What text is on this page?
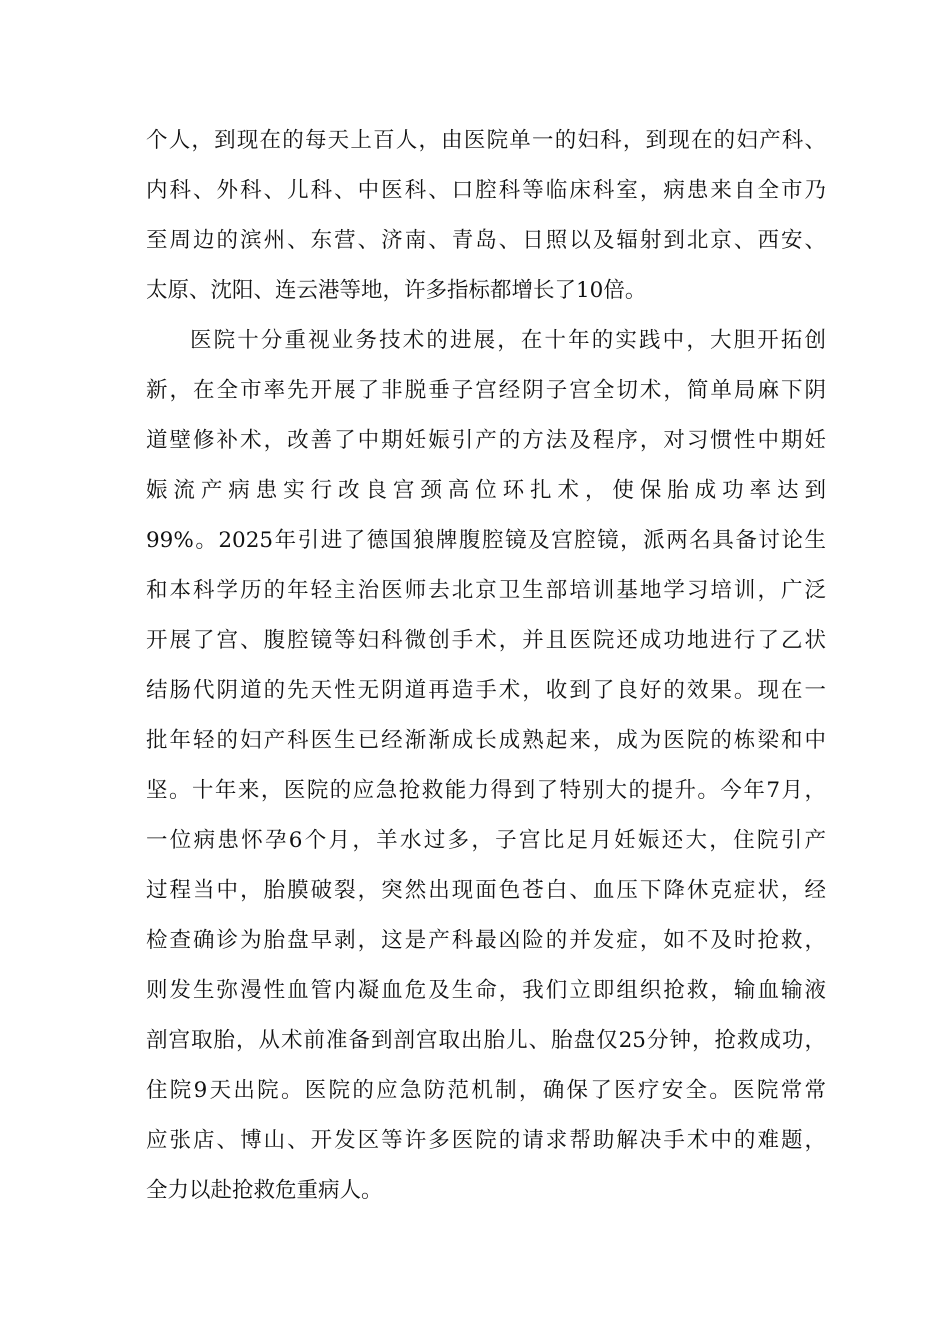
个人，到现在的每天上百人，由医院单一的妇科，到现在的妇产科、
内科、外科、儿科、中医科、口腔科等临床科室，病患来自全市乃
至周边的滨州、东营、济南、青岛、日照以及辐射到北京、西安、
太原、沈阳、连云港等地，许多指标都增长了10倍。
医院十分重视业务技术的进展，在十年的实践中，大胆开拓创
新，在全市率先开展了非脱垂子宫经阴子宫全切术，简单局麻下阴
道壁修补术，改善了中期妊娠引产的方法及程序，对习惯性中期妊
娠流产病患实行改良宫颈高位环扎术，使保胎成功率达到
99%。2025年引进了德国狼牌腹腔镜及宫腔镜，派两名具备讨论生
和本科学历的年轻主治医师去北京卫生部培训基地学习培训，广泛
开展了宫、腹腔镜等妇科微创手术，并且医院还成功地进行了乙状
结肠代阴道的先天性无阴道再造手术，收到了良好的效果。现在一
批年轻的妇产科医生已经渐渐成长成熟起来，成为医院的栋梁和中
坚。十年来，医院的应急抢救能力得到了特别大的提升。今年7月，
一位病患怀孕6个月，羊水过多，子宫比足月妊娠还大，住院引产
过程当中，胎膜破裂，突然出现面色苍白、血压下降休克症状，经
检查确诊为胎盘早剥，这是产科最凶险的并发症，如不及时抢救，
则发生弥漫性血管内凝血危及生命，我们立即组织抢救，输血输液
剖宫取胎，从术前准备到剖宫取出胎儿、胎盘仅25分钟，抢救成功，
住院9天出院。医院的应急防范机制，确保了医疗安全。医院常常
应张店、博山、开发区等许多医院的请求帮助解决手术中的难题，
全力以赴抢救危重病人。
